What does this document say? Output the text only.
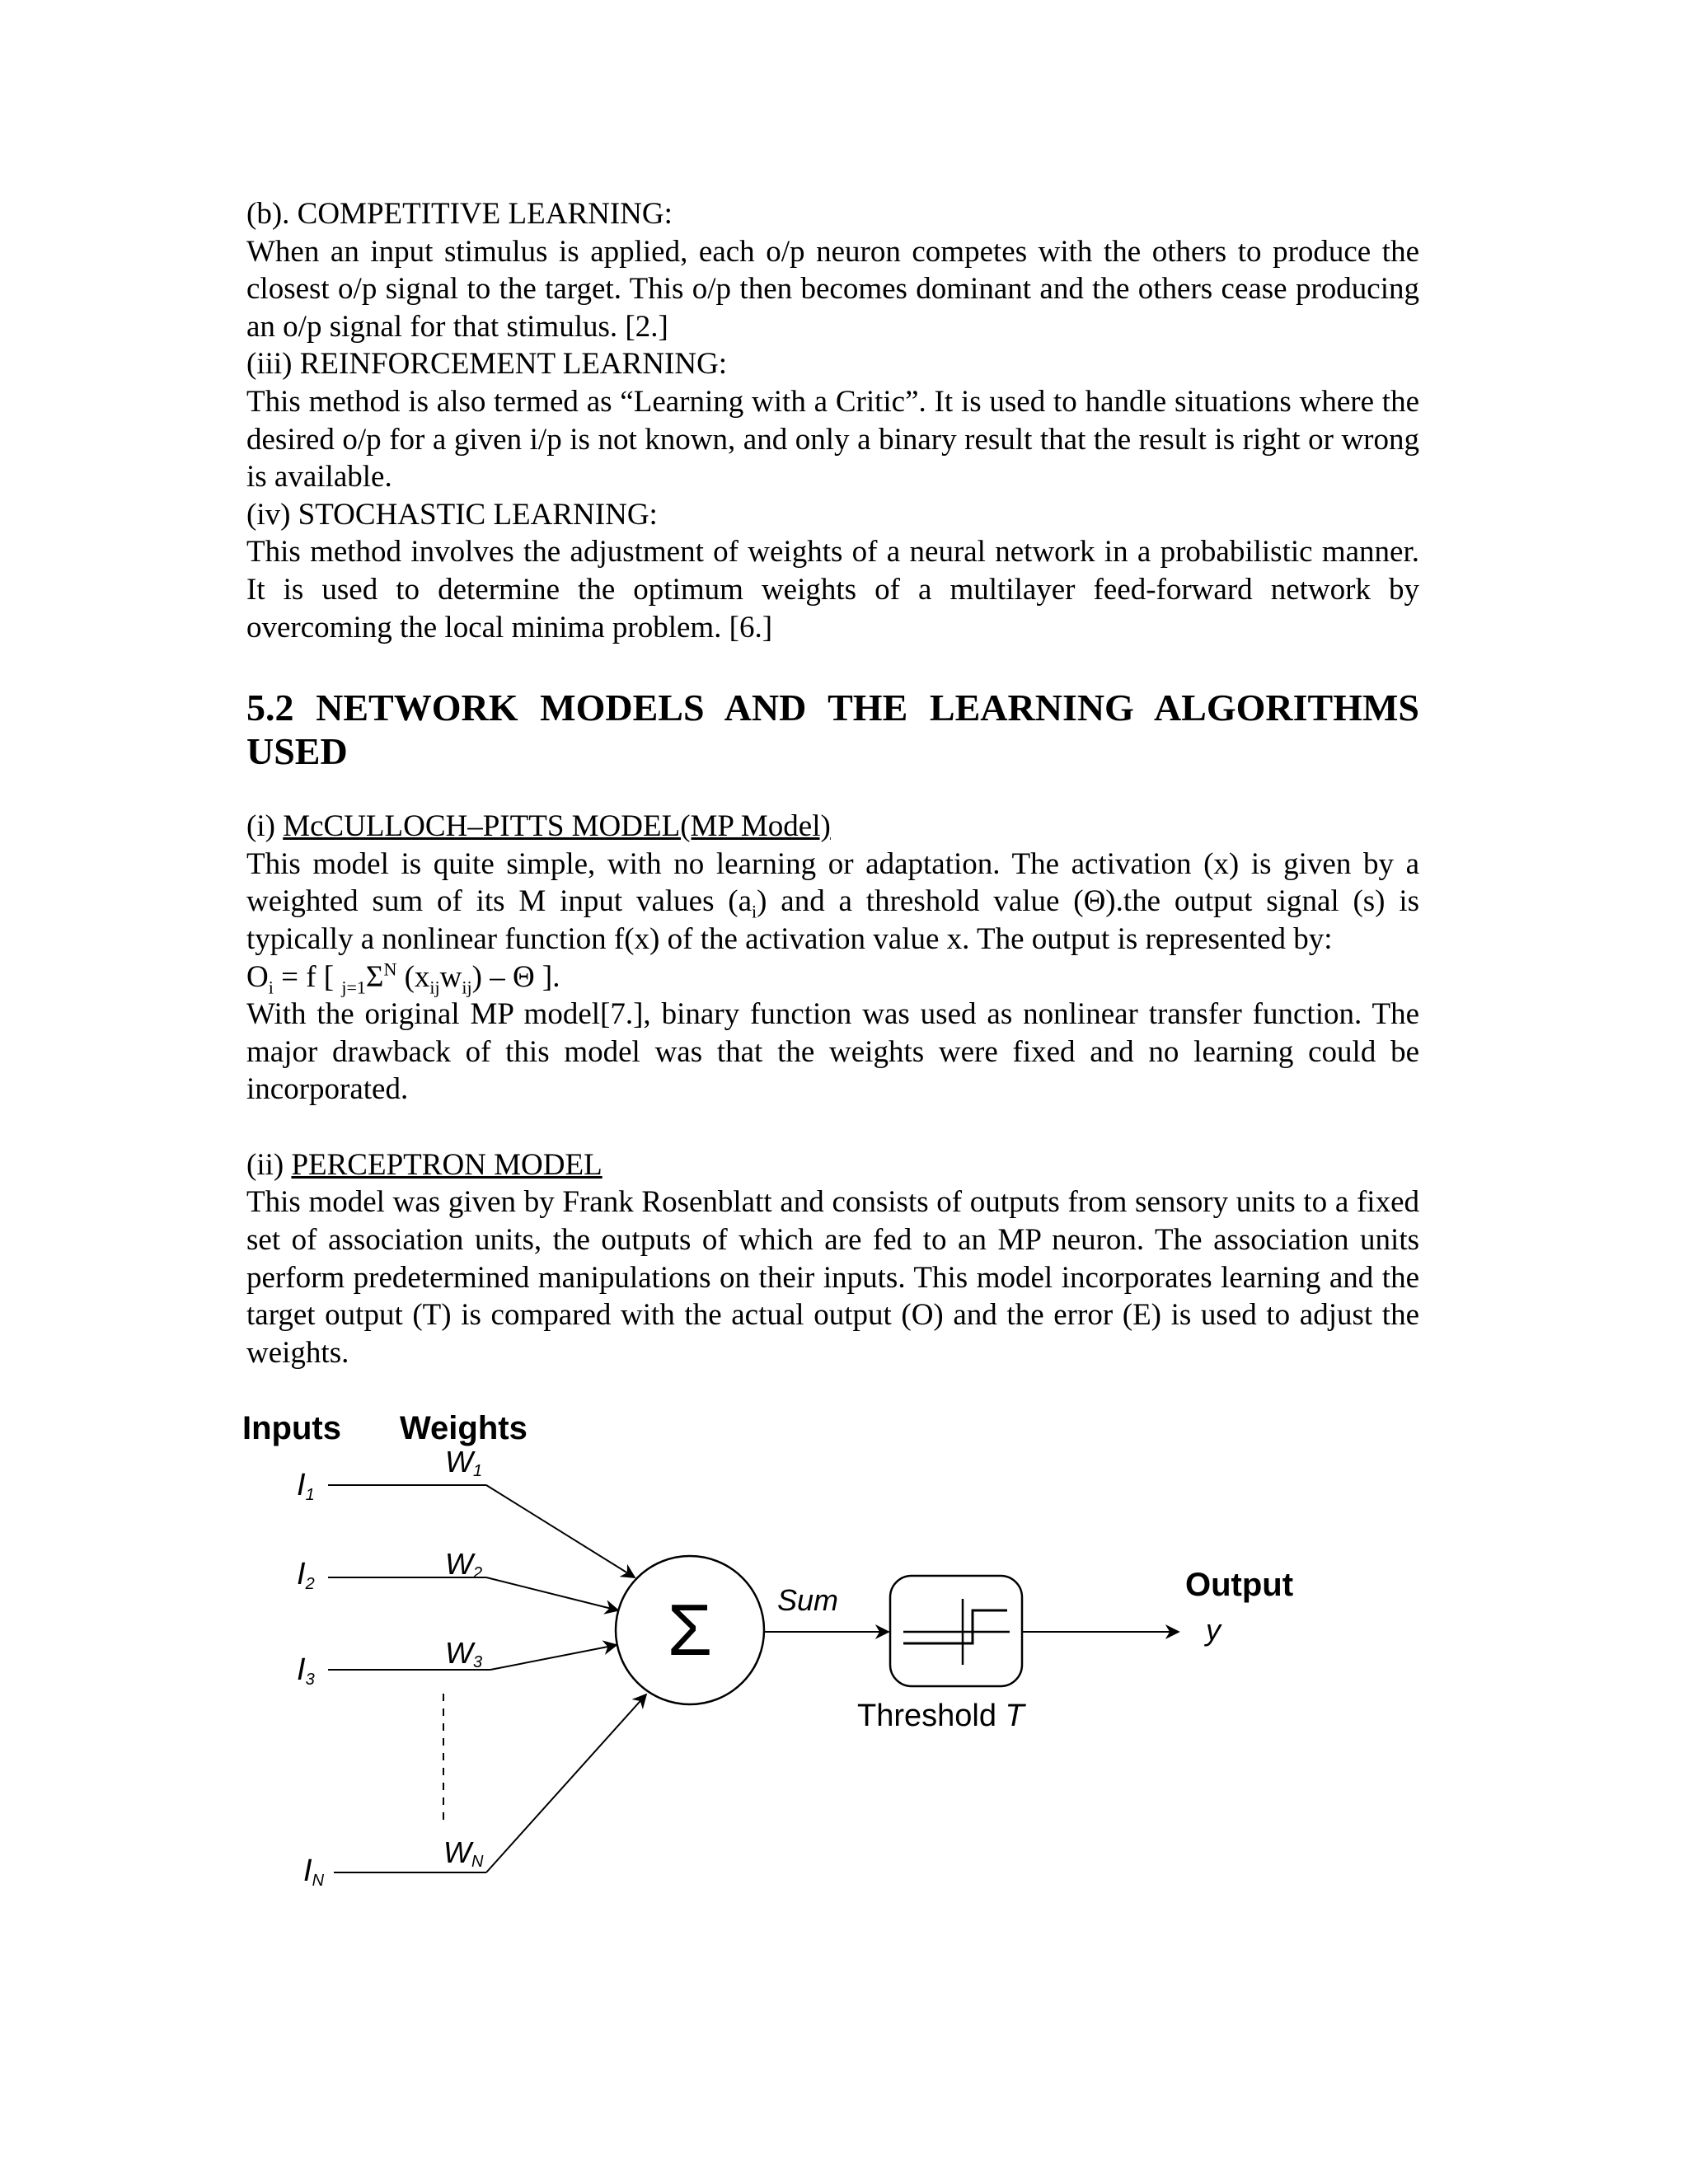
(b). COMPETITIVE LEARNING:

When an input stimulus is applied, each o/p neuron competes with the others to produce the closest o/p signal to the target. This o/p then becomes dominant and the others cease producing an o/p signal for that stimulus. [2.]

(iii) REINFORCEMENT LEARNING:

This method is also termed as “Learning with a Critic”. It is used to handle situations where the desired o/p for a given i/p is not known, and only a binary result that the result is right or wrong is available.

(iv) STOCHASTIC LEARNING:

This method involves the adjustment of weights of a neural network in a probabilistic manner. It is used to determine the optimum weights of a multilayer feed-forward network by overcoming the local minima problem. [6.]

5.2 NETWORK MODELS AND THE LEARNING ALGORITHMS USED

(i) McCULLOCH–PITTS MODEL(MP Model)

This model is quite simple, with no learning or adaptation. The activation (x) is given by a weighted sum of its M input values $(a_i)$ and a threshold value (Θ).the output signal (s) is typically a nonlinear function f(x) of the activation value x. The output is represented by:

$O_i = f$ [ $_{j=1}\Sigma^N$ $(x_{ij}w_{ij})$ – Θ ].

With the original MP model[7.], binary function was used as nonlinear transfer function. The major drawback of this model was that the weights were fixed and no learning could be incorporated.

(ii) PERCEPTRON MODEL

This model was given by Frank Rosenblatt and consists of outputs from sensory units to a fixed set of association units, the outputs of which are fed to an MP neuron. The association units perform predetermined manipulations on their inputs. This model incorporates learning and the target output (T) is compared with the actual output (O) and the error (E) is used to adjust the weights.

Inputs Weights
I1
I2
I3
IN
W1
W2
W3
WN
Σ Sum
Threshold T
Output
y
